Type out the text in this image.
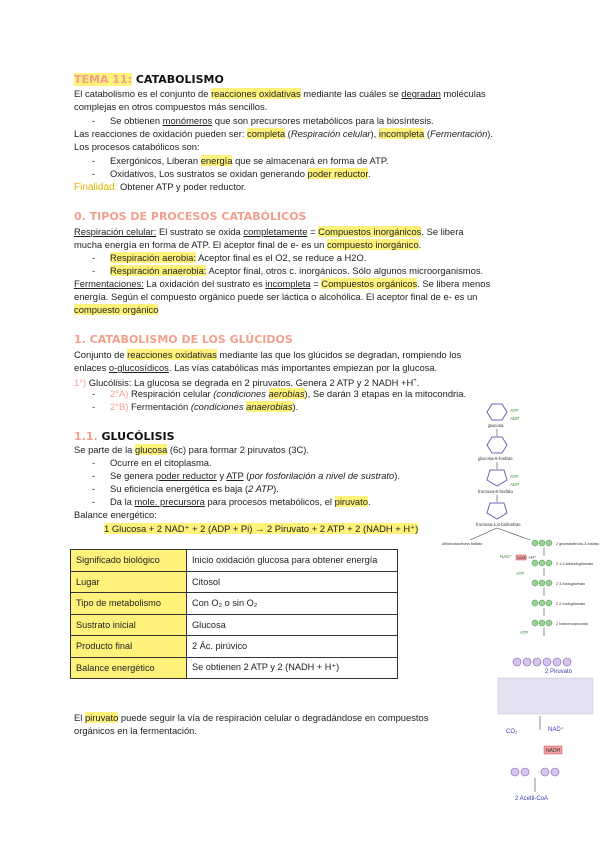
TEMA 11: CATABOLISMO
El catabolismo es el conjunto de reacciones oxidativas mediante las cuáles se degradan moléculas
complejas en otros compuestos más sencillos.
- Se obtienen monómeros que son precursores metabólicos para la biosíntesis.
Las reacciones de oxidación pueden ser: completa (Respiración celular), incompleta (Fermentación).
Los procesos catabólicos son:
- Exergónicos, Liberan energía que se almacenará en forma de ATP.
- Oxidativos, Los sustratos se oxidan generando poder reductor.
Finalidad: Obtener ATP y poder reductor.
0. TIPOS DE PROCESOS CATABÓLICOS
Respiración celular: El sustrato se oxida completamente = Compuestos inorgánicos. Se libera
mucha energía en forma de ATP. El aceptor final de e- es un compuesto inorgánico.
- Respiración aerobia: Aceptor final es el O2, se reduce a H2O.
- Respiración anaerobia: Aceptor final, otros c. inorgánicos. Sólo algunos microorganismos.
Fermentaciones: La oxidación del sustrato es incompleta = Compuestos orgánicos. Se libera menos
energía. Según el compuesto orgánico puede ser láctica o alcohólica. El aceptor final de e- es un
compuesto orgánico
1. CATABOLISMO DE LOS GLÚCIDOS
Conjunto de reacciones oxidativas mediante las que los glúcidos se degradan, rompiendo los
enlaces o-glucosídicos. Las vías catabólicas más importantes empiezan por la glucosa.
1°) Glucólisis: La glucosa se degrada en 2 piruvatos. Genera 2 ATP y 2 NADH +H+.
- 2°A) Respiración celular (condiciones aerobias), Se darán 3 etapas en la mitocondria.
- 2°B) Fermentación (condiciones anaerobias).
1.1. GLUCÓLISIS
Se parte de la glucosa (6c) para formar 2 piruvatos (3C).
- Ocurre en el citoplasma.
- Se genera poder reductor y ATP (por fosforilación a nivel de sustrato).
- Su eficiencia energética es baja (2 ATP).
- Da la mole. precursora para procesos metabólicos, el piruvato.
Balance energético:
1 Glucosa + 2 NAD⁺ + 2 (ADP + Pi) → 2 Piruvato + 2 ATP + 2 (NADH + H⁺)
Significado biológico	Inicio oxidación glucosa para obtener energía
Lugar	Citosol
Tipo de metabolismo	Con O₂ o sin O₂
Sustrato inicial	Glucosa
Producto final	2 Ác. pirúvico
Balance energético	Se obtienen 2 ATP y 2 (NADH + H⁺)
El piruvato puede seguir la vía de respiración celular o degradándose en compuestos
orgánicos en la fermentación.
glucosa
ATP
ADP
glucosa-6-fosfato
fructosa-6-fosfato
ATP
ADP
fructosa-1,6-bisfosfato
dihidroxiacetona fosfato	2 gliceraldehído-3-fosfato
NAD⁺ NADH +H⁺
2 1,3-bisfosfoglicerato
ATP
2 3-fosfoglicerato
2 2-fosfoglicerato
2 fosfoenolpiruvato
ATP
2 Piruvato
CO₂	NAD⁺
NADH
2 Acetil-CoA
